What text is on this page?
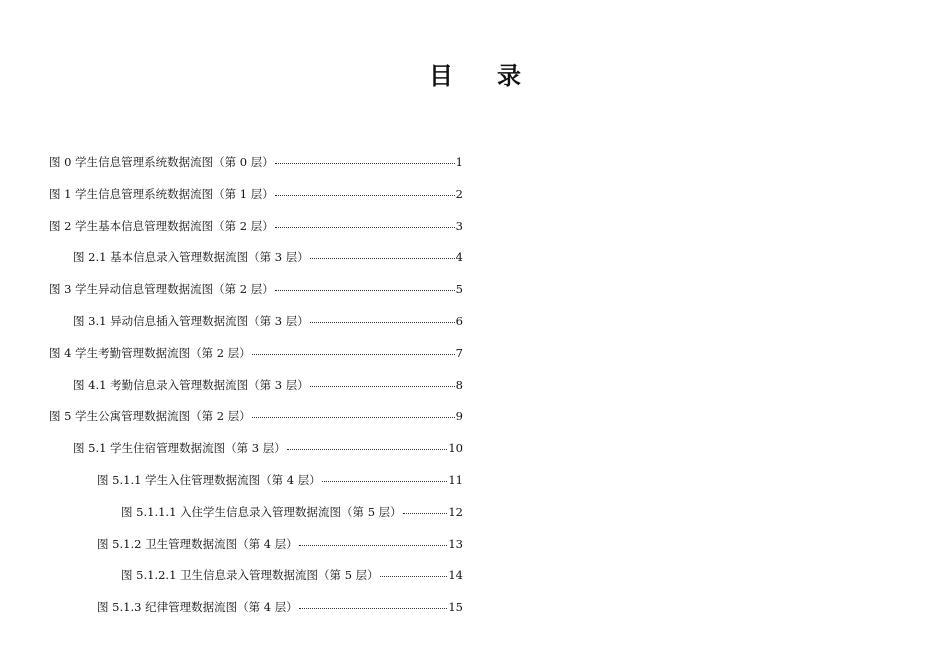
目 录
图 0 学生信息管理系统数据流图（第 0 层）	1
图 1 学生信息管理系统数据流图（第 1 层）	2
图 2 学生基本信息管理数据流图（第 2 层）	3
图 2.1 基本信息录入管理数据流图（第 3 层）	4
图 3 学生异动信息管理数据流图（第 2 层）	5
图 3.1 异动信息插入管理数据流图（第 3 层）	6
图 4 学生考勤管理数据流图（第 2 层）	7
图 4.1 考勤信息录入管理数据流图（第 3 层）	8
图 5 学生公寓管理数据流图（第 2 层）	9
图 5.1 学生住宿管理数据流图（第 3 层）	10
图 5.1.1 学生入住管理数据流图（第 4 层）	11
图 5.1.1.1 入住学生信息录入管理数据流图（第 5 层）	12
图 5.1.2 卫生管理数据流图（第 4 层）	13
图 5.1.2.1 卫生信息录入管理数据流图（第 5 层）	14
图 5.1.3 纪律管理数据流图（第 4 层）	15
